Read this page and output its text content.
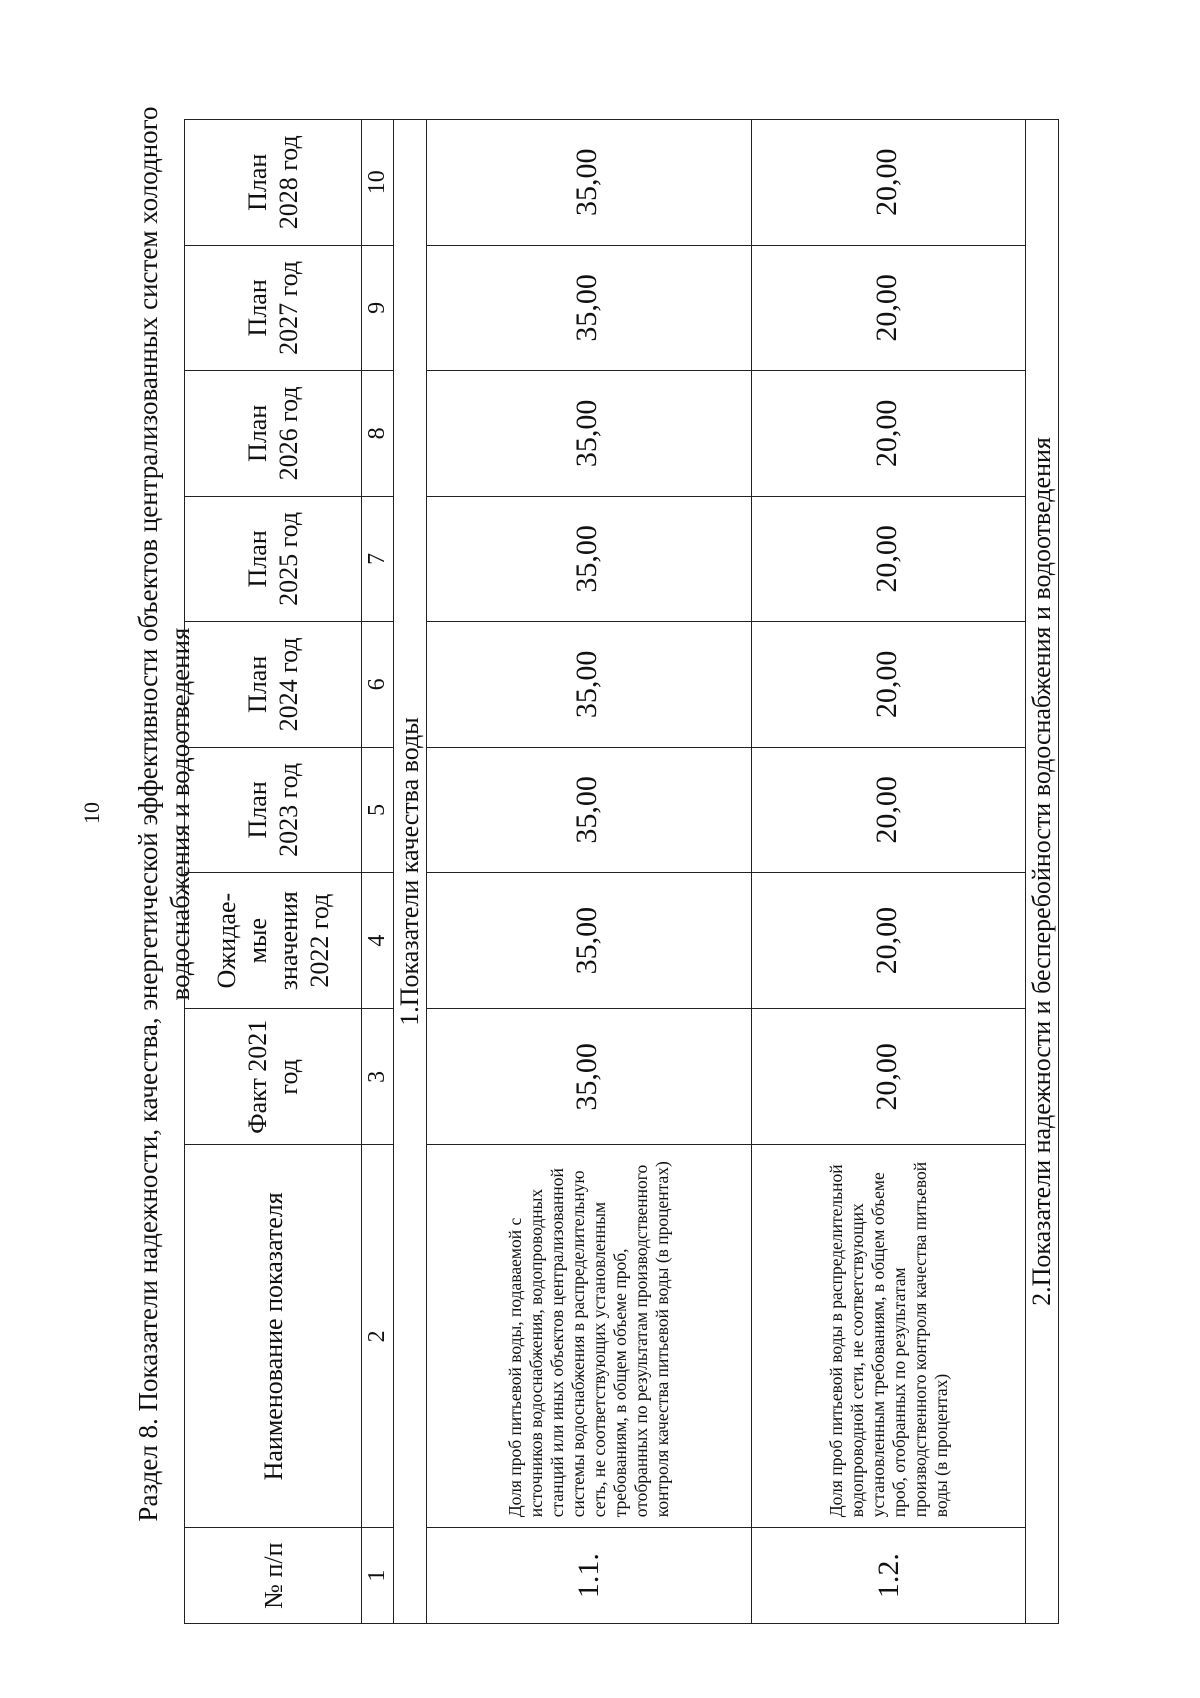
10 Раздел 8. Показатели надежности, качества, энергетической эффективности объектов централизованных систем холодного водоснабжения и водоотведения

№ п/п	Наименование показателя	Факт 2021 год	Ожидае-мые значения 2022 год	План 2023 год	План 2024 год	План 2025 год	План 2026 год	План 2027 год	План 2028 год
1	2	3	4	5	6	7	8	9	10
1.Показатели качества воды									
1.1.	Доля проб питьевой воды, подаваемой с источников водоснабжения, водопроводных станций или иных объектов централизованной системы водоснабжения в распределительную сеть, не соответствующих установленным требованиям, в общем объеме проб, отобранных по результатам производственного контроля качества питьевой воды (в процентах)	35,00	35,00	35,00	35,00	35,00	35,00	35,00	35,00
1.2.	Доля проб питьевой воды в распределительной водопроводной сети, не соответствующих установленным требованиям, в общем объеме проб, отобранных по результатам производственного контроля качества питьевой воды (в процентах)	20,00	20,00	20,00	20,00	20,00	20,00	20,00	20,00
2.Показатели надежности и бесперебойности водоснабжения и водоотведения									
